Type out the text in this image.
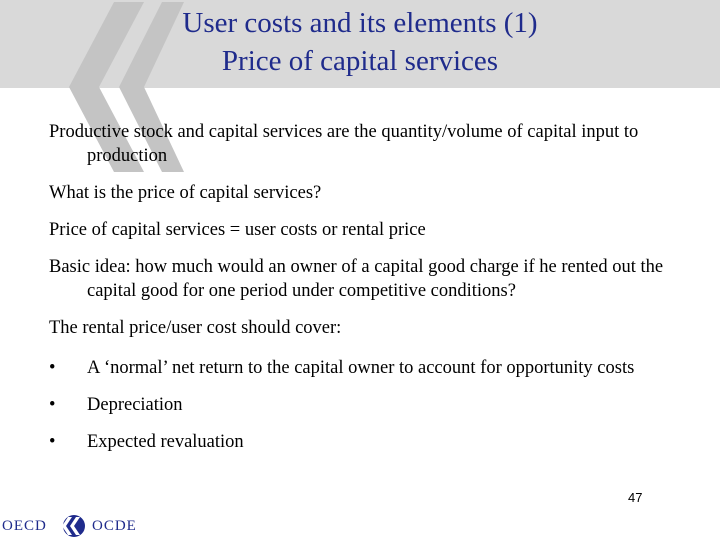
User costs and its elements (1)
Price of capital services

Productive stock and capital services are the quantity/volume of capital input to production

What is the price of capital services?

Price of capital services = user costs or rental price

Basic idea: how much would an owner of a capital good charge if he rented out the capital good for one period under competitive conditions?

The rental price/user cost should cover:

• A ‘normal’ net return to the capital owner to account for opportunity costs
• Depreciation
• Expected revaluation
47
OECD	OCDE
